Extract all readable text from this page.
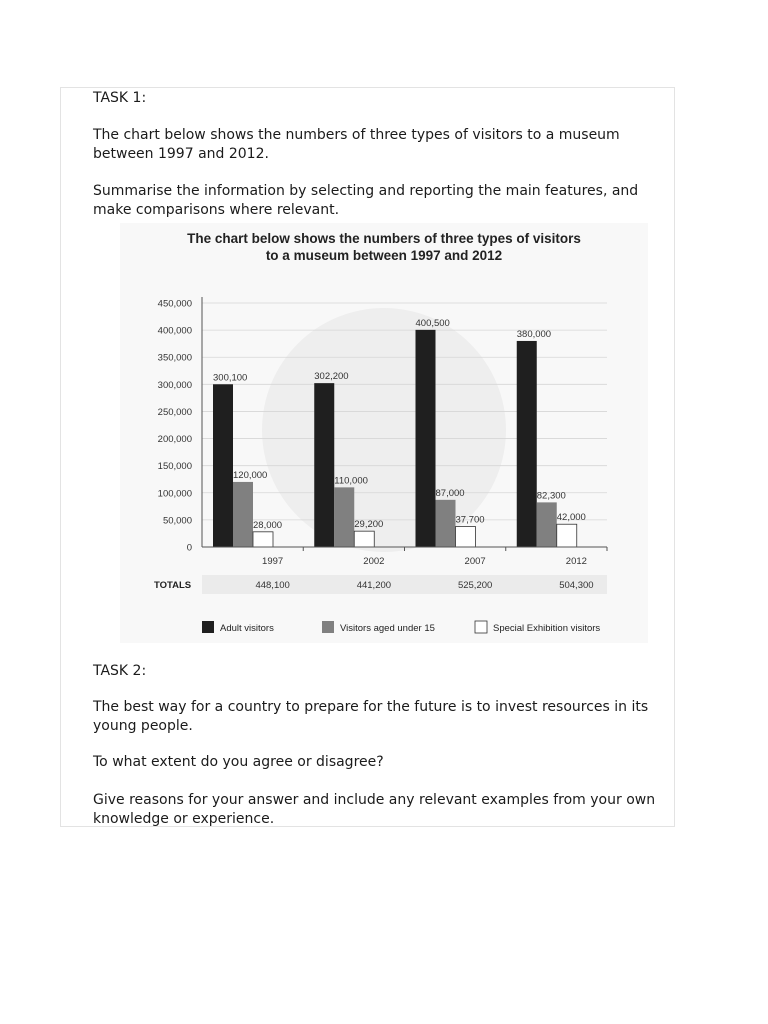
TASK 1:

The chart below shows the numbers of three types of visitors to a museum between 1997 and 2012.

Summarise the information by selecting and reporting the main features, and make comparisons where relevant.

The chart below shows the numbers of three types of visitors
to a museum between 1997 and 2012
300,100
120,000
28,000
302,200
110,000
29,200
400,500
87,000
37,700
380,000
82,300
42,000
0
50,000
100,000
150,000
200,000
250,000
300,000
350,000
400,000
450,000
1997	2002	2007	2012
448,100	441,200	525,200	504,300
TOTALS
Adult visitors	Visitors aged under 15	Special Exhibition visitors

TASK 2:

The best way for a country to prepare for the future is to invest resources in its young people.

To what extent do you agree or disagree?

Give reasons for your answer and include any relevant examples from your own knowledge or experience.
